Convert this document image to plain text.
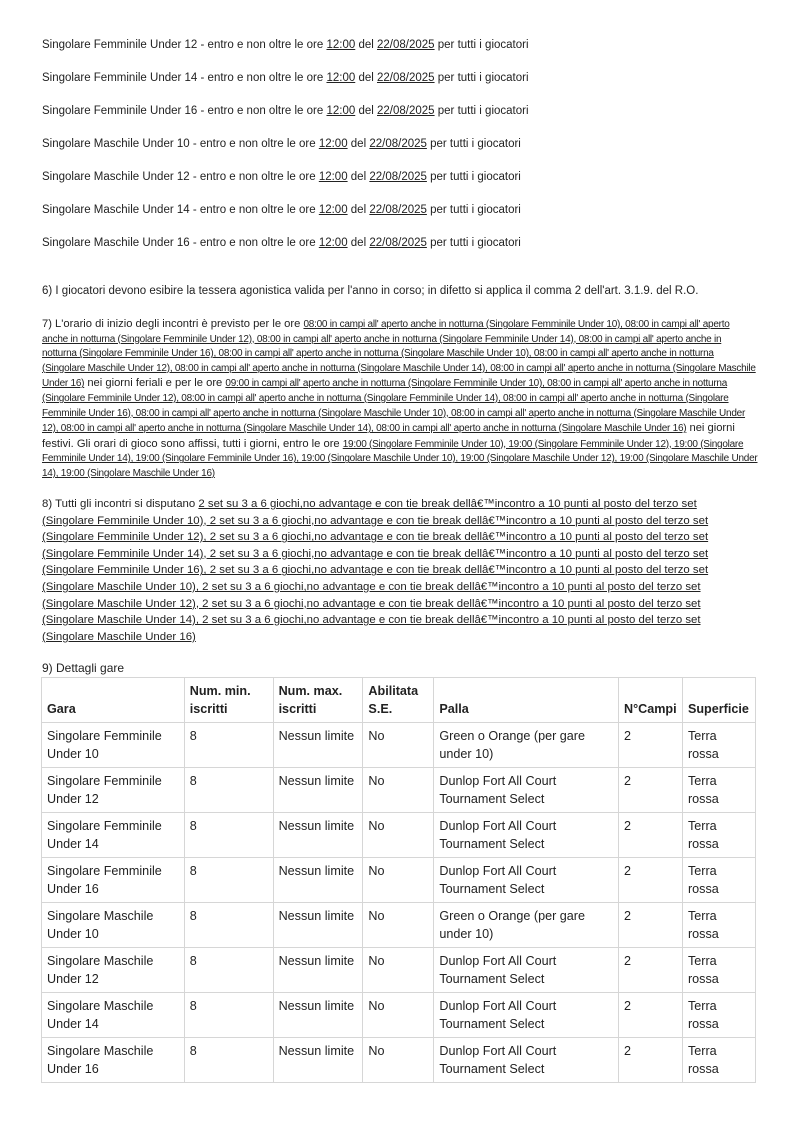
Singolare Femminile Under 12 - entro e non oltre le ore 12:00 del 22/08/2025 per tutti i giocatori
Singolare Femminile Under 14 - entro e non oltre le ore 12:00 del 22/08/2025 per tutti i giocatori
Singolare Femminile Under 16 - entro e non oltre le ore 12:00 del 22/08/2025 per tutti i giocatori
Singolare Maschile Under 10 - entro e non oltre le ore 12:00 del 22/08/2025 per tutti i giocatori
Singolare Maschile Under 12 - entro e non oltre le ore 12:00 del 22/08/2025 per tutti i giocatori
Singolare Maschile Under 14 - entro e non oltre le ore 12:00 del 22/08/2025 per tutti i giocatori
Singolare Maschile Under 16 - entro e non oltre le ore 12:00 del 22/08/2025 per tutti i giocatori
6) I giocatori devono esibire la tessera agonistica valida per l'anno in corso; in difetto si applica il comma 2 dell'art. 3.1.9. del R.O.
7) L'orario di inizio degli incontri è previsto per le ore 08:00 in campi all' aperto anche in notturna (Singolare Femminile Under 10), 08:00 in campi all' aperto anche in notturna (Singolare Femminile Under 12), 08:00 in campi all' aperto anche in notturna (Singolare Femminile Under 14), 08:00 in campi all' aperto anche in notturna (Singolare Femminile Under 16), 08:00 in campi all' aperto anche in notturna (Singolare Maschile Under 10), 08:00 in campi all' aperto anche in notturna (Singolare Maschile Under 12), 08:00 in campi all' aperto anche in notturna (Singolare Maschile Under 14), 08:00 in campi all' aperto anche in notturna (Singolare Maschile Under 16) nei giorni feriali e per le ore 09:00 in campi all' aperto anche in notturna (Singolare Femminile Under 10), 08:00 in campi all' aperto anche in notturna (Singolare Femminile Under 12), 08:00 in campi all' aperto anche in notturna (Singolare Femminile Under 14), 08:00 in campi all' aperto anche in notturna (Singolare Femminile Under 16), 08:00 in campi all' aperto anche in notturna (Singolare Maschile Under 10), 08:00 in campi all' aperto anche in notturna (Singolare Maschile Under 12), 08:00 in campi all' aperto anche in notturna (Singolare Maschile Under 14), 08:00 in campi all' aperto anche in notturna (Singolare Maschile Under 16) nei giorni festivi. Gli orari di gioco sono affissi, tutti i giorni, entro le ore 19:00 (Singolare Femminile Under 10), 19:00 (Singolare Femminile Under 12), 19:00 (Singolare Femminile Under 14), 19:00 (Singolare Femminile Under 16), 19:00 (Singolare Maschile Under 10), 19:00 (Singolare Maschile Under 12), 19:00 (Singolare Maschile Under 14), 19:00 (Singolare Maschile Under 16)
8) Tutti gli incontri si disputano 2 set su 3 a 6 giochi,no advantage e con tie break dellâ€™incontro a 10 punti al posto del terzo set (Singolare Femminile Under 10), 2 set su 3 a 6 giochi,no advantage e con tie break dellâ€™incontro a 10 punti al posto del terzo set (Singolare Femminile Under 12), 2 set su 3 a 6 giochi,no advantage e con tie break dellâ€™incontro a 10 punti al posto del terzo set (Singolare Femminile Under 14), 2 set su 3 a 6 giochi,no advantage e con tie break dellâ€™incontro a 10 punti al posto del terzo set (Singolare Femminile Under 16), 2 set su 3 a 6 giochi,no advantage e con tie break dellâ€™incontro a 10 punti al posto del terzo set (Singolare Maschile Under 10), 2 set su 3 a 6 giochi,no advantage e con tie break dellâ€™incontro a 10 punti al posto del terzo set (Singolare Maschile Under 12), 2 set su 3 a 6 giochi,no advantage e con tie break dellâ€™incontro a 10 punti al posto del terzo set (Singolare Maschile Under 14), 2 set su 3 a 6 giochi,no advantage e con tie break dellâ€™incontro a 10 punti al posto del terzo set (Singolare Maschile Under 16)
9) Dettagli gare
Gara	Num. min. iscritti	Num. max. iscritti	Abilitata S.E.	Palla	N°Campi	Superficie
Singolare Femminile Under 10	8	Nessun limite	No	Green o Orange (per gare under 10)	2	Terra rossa
Singolare Femminile Under 12	8	Nessun limite	No	Dunlop Fort All Court Tournament Select	2	Terra rossa
Singolare Femminile Under 14	8	Nessun limite	No	Dunlop Fort All Court Tournament Select	2	Terra rossa
Singolare Femminile Under 16	8	Nessun limite	No	Dunlop Fort All Court Tournament Select	2	Terra rossa
Singolare Maschile Under 10	8	Nessun limite	No	Green o Orange (per gare under 10)	2	Terra rossa
Singolare Maschile Under 12	8	Nessun limite	No	Dunlop Fort All Court Tournament Select	2	Terra rossa
Singolare Maschile Under 14	8	Nessun limite	No	Dunlop Fort All Court Tournament Select	2	Terra rossa
Singolare Maschile Under 16	8	Nessun limite	No	Dunlop Fort All Court Tournament Select	2	Terra rossa
